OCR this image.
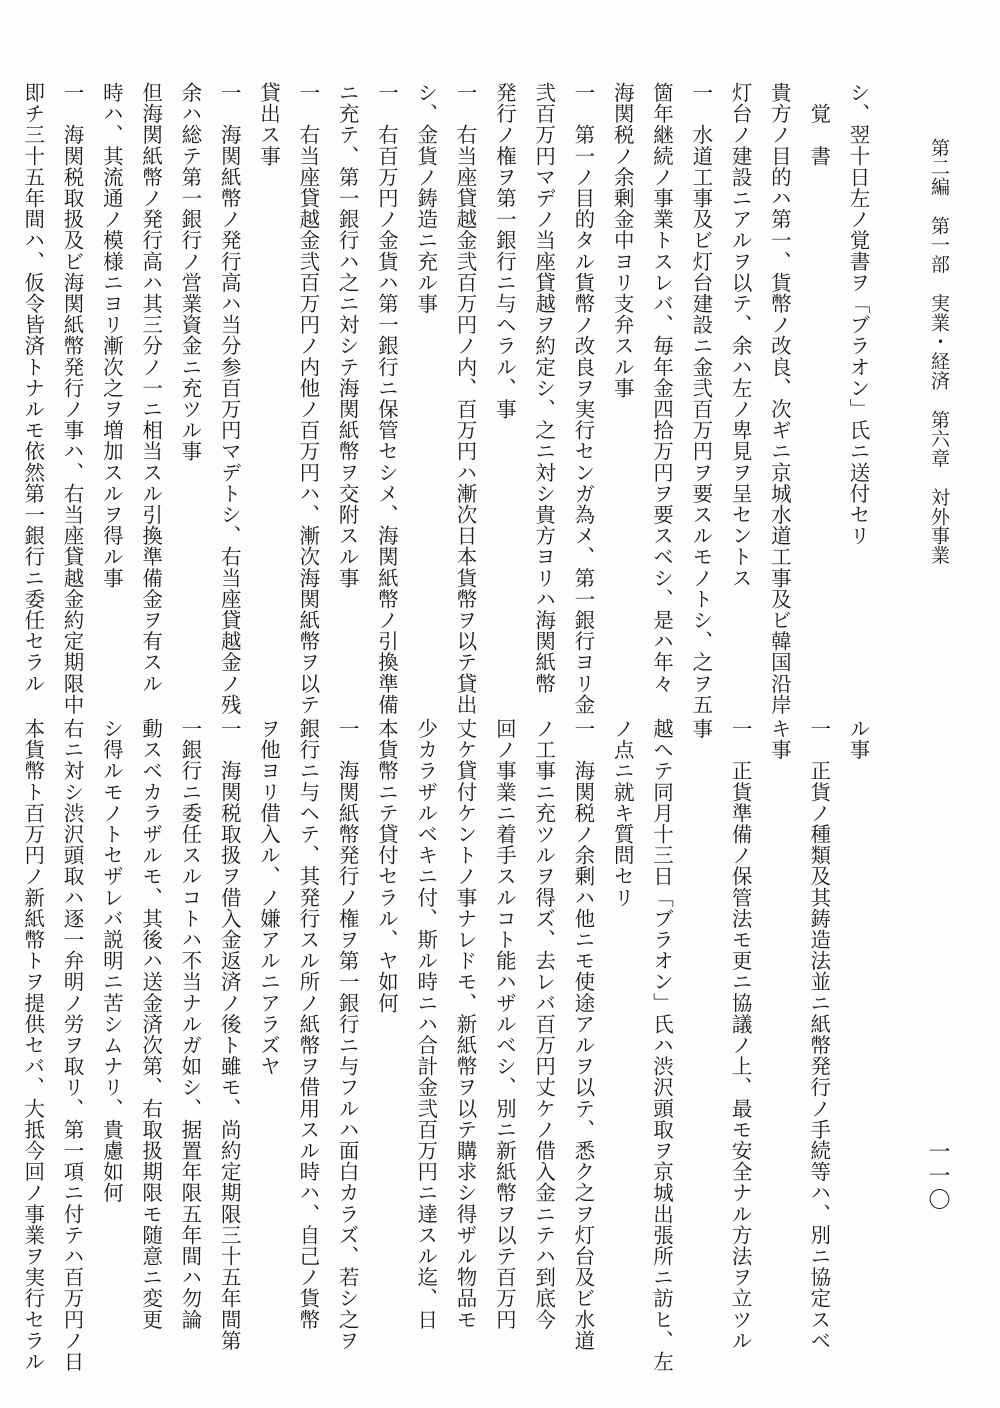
第二編　第一部　実業・経済　第六章　対外事業
一一〇
シ、翌十日左ノ覚書ヲ「ブラオン」氏ニ送付セリ
　覚　書
貴方ノ目的ハ第一、貨幣ノ改良、次ギニ京城水道工事及ビ韓国沿岸
灯台ノ建設ニアルヲ以テ、余ハ左ノ卑見ヲ呈セントス
一　水道工事及ビ灯台建設ニ金弐百万円ヲ要スルモノトシ、之ヲ五
箇年継続ノ事業トスレバ、毎年金四拾万円ヲ要スベシ、是ハ年々
海関税ノ余剰金中ヨリ支弁スル事
一　第一ノ目的タル貨幣ノ改良ヲ実行センガ為メ、第一銀行ヨリ金
弐百万円マデノ当座貸越ヲ約定シ、之ニ対シ貴方ヨリハ海関紙幣
発行ノ権ヲ第一銀行ニ与ヘラル、事
一　右当座貸越金弐百万円ノ内、百万円ハ漸次日本貨幣ヲ以テ貸出
シ、金貨ノ鋳造ニ充ル事
一　右百万円ノ金貨ハ第一銀行ニ保管セシメ、海関紙幣ノ引換準備
ニ充テ、第一銀行ハ之ニ対シテ海関紙幣ヲ交附スル事
一　右当座貸越金弐百万円ノ内他ノ百万円ハ、漸次海関紙幣ヲ以テ
貸出ス事
一　海関紙幣ノ発行高ハ当分参百万円マデトシ、右当座貸越金ノ残
余ハ総テ第一銀行ノ営業資金ニ充ツル事
但海関紙幣ノ発行高ハ其三分ノ一ニ相当スル引換準備金ヲ有スル
時ハ、其流通ノ模様ニヨリ漸次之ヲ増加スルヲ得ル事
一　海関税取扱及ビ海関紙幣発行ノ事ハ、右当座貸越金約定期限中
即チ三十五年間ハ、仮令皆済トナルモ依然第一銀行ニ委任セラル
ル事
一　正貨ノ種類及其鋳造法並ニ紙幣発行ノ手続等ハ、別ニ協定スベ
キ事
一　正貨準備ノ保管法モ更ニ協議ノ上、最モ安全ナル方法ヲ立ツル
事
越ヘテ同月十三日「ブラオン」氏ハ渋沢頭取ヲ京城出張所ニ訪ヒ、左
ノ点ニ就キ質問セリ
一　海関税ノ余剰ハ他ニモ使途アルヲ以テ、悉ク之ヲ灯台及ビ水道
ノ工事ニ充ツルヲ得ズ、去レバ百万円丈ケノ借入金ニテハ到底今
回ノ事業ニ着手スルコト能ハザルベシ、別ニ新紙幣ヲ以テ百万円
丈ケ貸付ケントノ事ナレドモ、新紙幣ヲ以テ購求シ得ザル物品モ
少カラザルベキニ付、斯ル時ニハ合計金弐百万円ニ達スル迄、日
本貨幣ニテ貸付セラル、ヤ如何
一　海関紙幣発行ノ権ヲ第一銀行ニ与フルハ面白カラズ、若シ之ヲ
銀行ニ与ヘテ、其発行スル所ノ紙幣ヲ借用スル時ハ、自己ノ貨幣
ヲ他ヨリ借入ル、ノ嫌アルニアラズヤ
一　海関税取扱ヲ借入金返済ノ後ト雖モ、尚約定期限三十五年間第
一銀行ニ委任スルコトハ不当ナルガ如シ、据置年限五年間ハ勿論
動スベカラザルモ、其後ハ送金済次第、右取扱期限モ随意ニ変更
シ得ルモノトセザレバ説明ニ苦シムナリ、貴慮如何
右ニ対シ渋沢頭取ハ逐一弁明ノ労ヲ取リ、第一項ニ付テハ百万円ノ日
本貨幣ト百万円ノ新紙幣トヲ提供セバ、大抵今回ノ事業ヲ実行セラル
